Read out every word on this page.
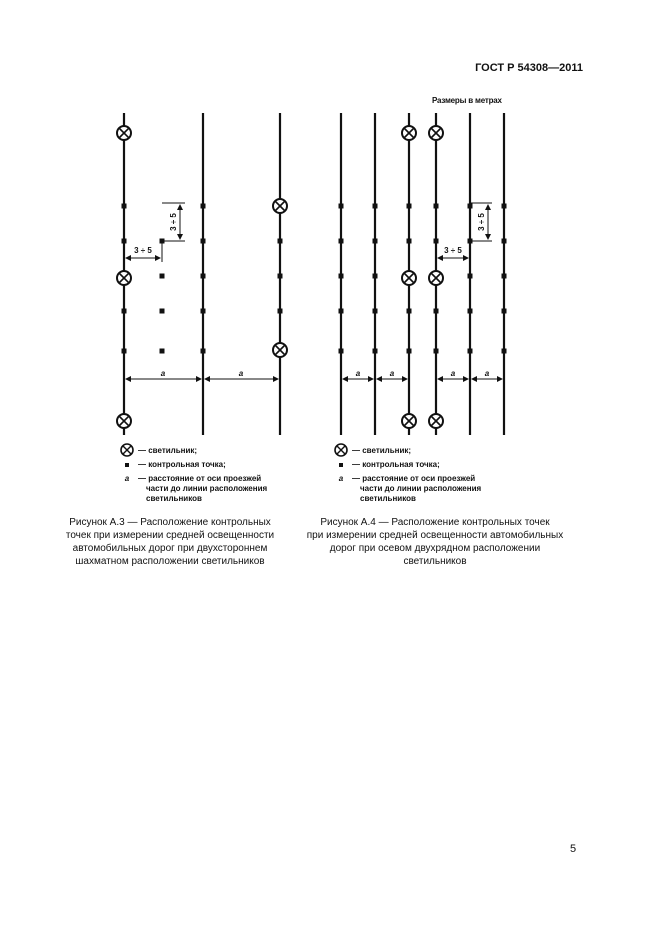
ГОСТ Р 54308—2011
Размеры в метрах
3 ÷ 5
3 ÷ 5
а	а
3 ÷ 5
3 ÷ 5
а	а	а	а
— светильник;
— контрольная точка;
а	— расстояние от оси проезжей
части до линии расположения
светильников
— светильник;
— контрольная точка;
а	— расстояние от оси проезжей
части до линии расположения
светильников
Рисунок А.3 — Расположение контрольных
точек при измерении средней освещенности
автомобильных дорог при двухстороннем
шахматном расположении светильников
Рисунок А.4 — Расположение контрольных точек
при измерении средней освещенности автомобильных
дорог при осевом двухрядном расположении
светильников
5
